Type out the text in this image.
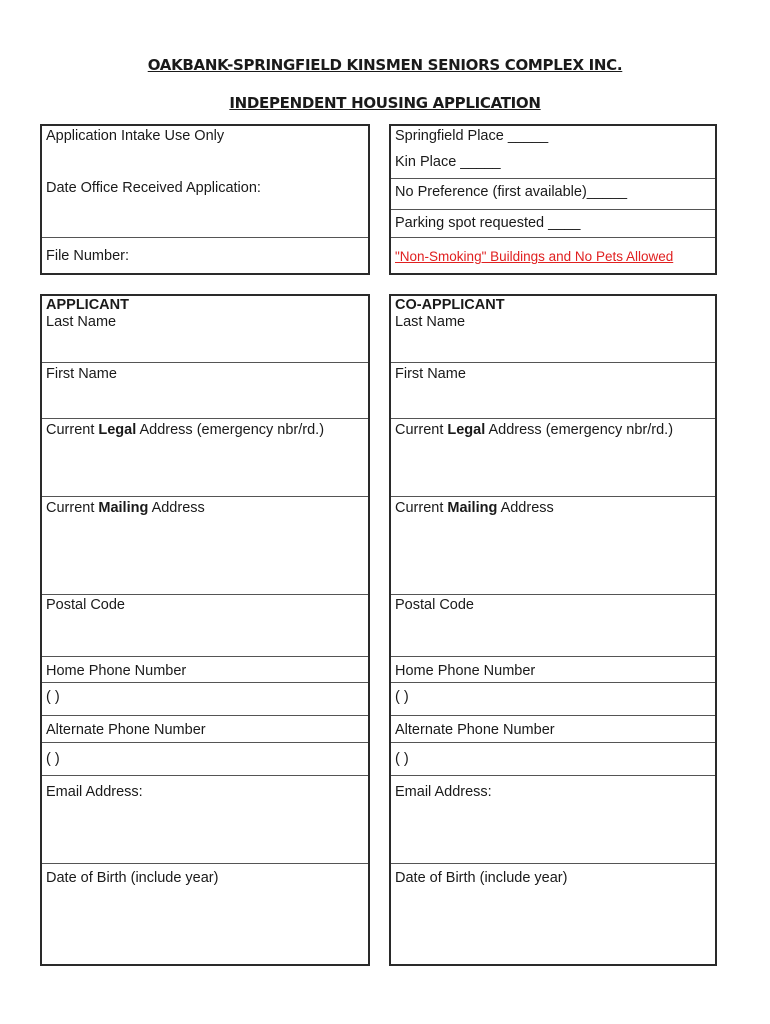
OAKBANK-SPRINGFIELD KINSMEN SENIORS COMPLEX INC.
INDEPENDENT HOUSING APPLICATION
Application Intake Use Only
Date Office Received Application:
File Number:
Springfield Place _____
Kin Place _____
No Preference (first available)_____
Parking spot requested ____
"Non-Smoking" Buildings and No Pets Allowed
APPLICANT
Last Name
First Name
Current Legal Address (emergency nbr/rd.)
Current Mailing Address
Postal Code
Home Phone Number
( )
Alternate Phone Number
( )
Email Address:
Date of Birth (include year)
CO-APPLICANT
Last Name
First Name
Current Legal Address (emergency nbr/rd.)
Current Mailing Address
Postal Code
Home Phone Number
( )
Alternate Phone Number
( )
Email Address:
Date of Birth (include year)
